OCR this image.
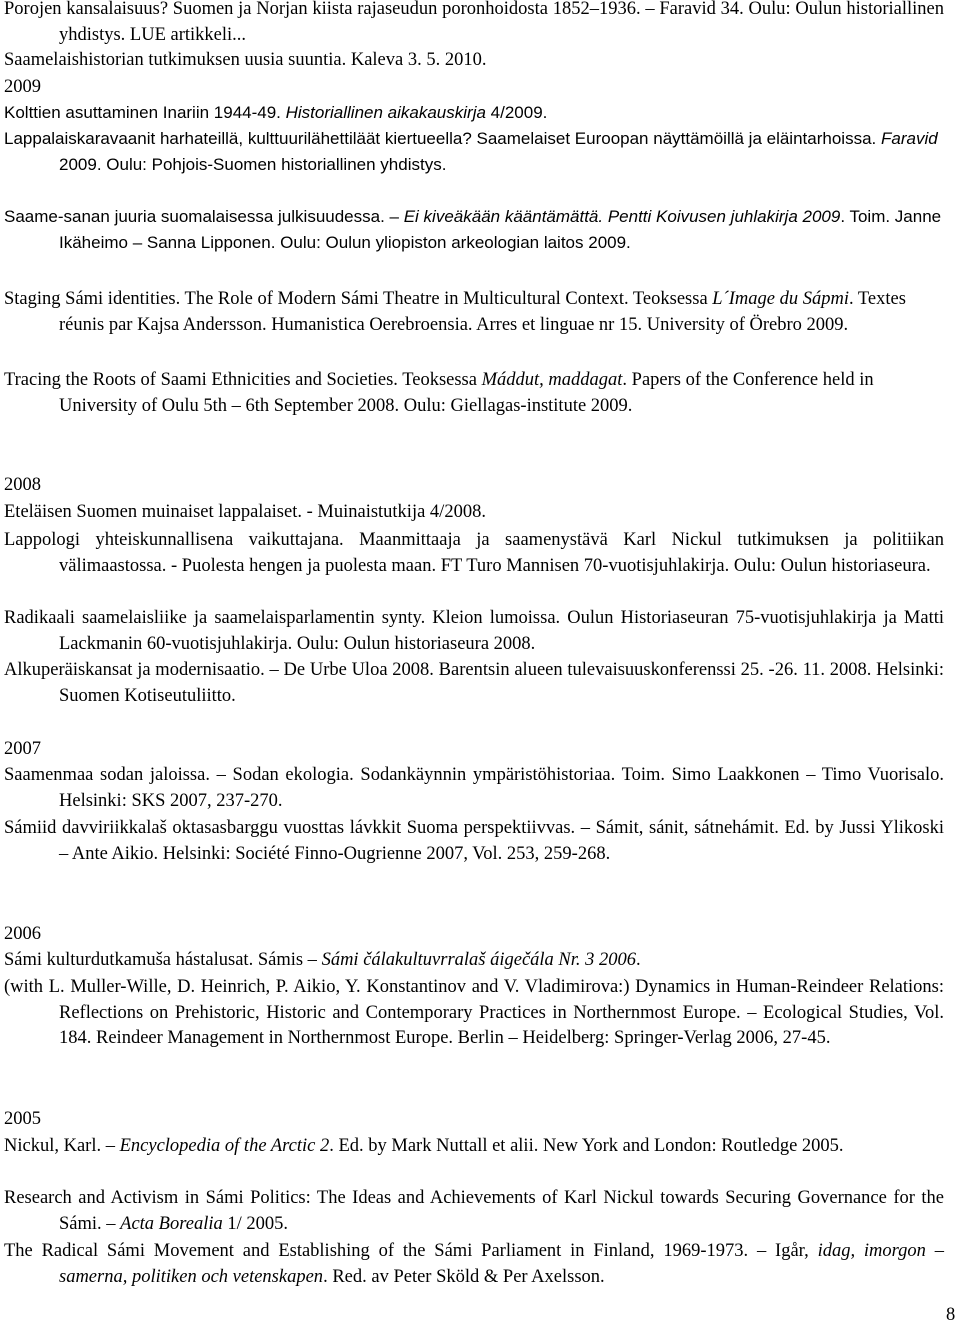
Porojen kansalaisuus? Suomen ja Norjan kiista rajaseudun poronhoidosta 1852–1936. – Faravid 34. Oulu: Oulun historiallinen yhdistys. LUE artikkeli...
Saamelaishistorian tutkimuksen uusia suuntia. Kaleva 3. 5. 2010.
2009
Kolttien asuttaminen Inariin 1944-49. Historiallinen aikakauskirja 4/2009.
Lappalaiskaravaanit harhateillä, kulttuurilähettiläät kiertueella? Saamelaiset Euroopan näyttämöillä ja eläintarhoissa. Faravid 2009. Oulu: Pohjois-Suomen historiallinen yhdistys.
Saame-sanan juuria suomalaisessa julkisuudessa. – Ei kiveäkään kääntämättä. Pentti Koivusen juhlakirja 2009. Toim. Janne Ikäheimo – Sanna Lipponen. Oulu: Oulun yliopiston arkeologian laitos 2009.
Staging Sámi identities. The Role of Modern Sámi Theatre in Multicultural Context. Teoksessa L´Image du Sápmi. Textes réunis par Kajsa Andersson. Humanistica Oerebroensia. Arres et linguae nr 15. University of Örebro 2009.
Tracing the Roots of Saami Ethnicities and Societies. Teoksessa Máddut, maddagat. Papers of the Conference held in University of Oulu 5th – 6th September 2008. Oulu: Giellagas-institute 2009.
2008
Eteläisen Suomen muinaiset lappalaiset. - Muinaistutkija 4/2008.
Lappologi yhteiskunnallisena vaikuttajana. Maanmittaaja ja saamenystävä Karl Nickul tutkimuksen ja politiikan välimaastossa. - Puolesta hengen ja puolesta maan. FT Turo Mannisen 70-vuotisjuhlakirja. Oulu: Oulun historiaseura.
Radikaali saamelaisliike ja saamelaisparlamentin synty. Kleion lumoissa. Oulun Historiaseuran 75-vuotisjuhlakirja ja Matti Lackmanin 60-vuotisjuhlakirja. Oulu: Oulun historiaseura 2008.
Alkuperäiskansat ja modernisaatio. – De Urbe Uloa 2008. Barentsin alueen tulevaisuuskonferenssi 25. -26. 11. 2008. Helsinki: Suomen Kotiseutuliitto.
2007
Saamenmaa sodan jaloissa. – Sodan ekologia. Sodankäynnin ympäristöhistoriaa. Toim. Simo Laakkonen – Timo Vuorisalo. Helsinki: SKS 2007, 237-270.
Sámiid davviriikkalaš oktasasbarggu vuosttas lávkkit Suoma perspektiivvas. – Sámit, sánit, sátnehámit. Ed. by Jussi Ylikoski – Ante Aikio. Helsinki: Société Finno-Ougrienne 2007, Vol. 253, 259-268.
2006
Sámi kulturdutkamuša hástalusat. Sámis – Sámi čálakultuvrralaš áigečála Nr. 3 2006.
(with L. Muller-Wille, D. Heinrich, P. Aikio, Y. Konstantinov and V. Vladimirova:) Dynamics in Human-Reindeer Relations: Reflections on Prehistoric, Historic and Contemporary Practices in Northernmost Europe. – Ecological Studies, Vol. 184. Reindeer Management in Northernmost Europe. Berlin – Heidelberg: Springer-Verlag 2006, 27-45.
2005
Nickul, Karl. – Encyclopedia of the Arctic 2. Ed. by Mark Nuttall et alii. New York and London: Routledge 2005.
Research and Activism in Sámi Politics: The Ideas and Achievements of Karl Nickul towards Securing Governance for the Sámi. – Acta Borealia 1/ 2005.
The Radical Sámi Movement and Establishing of the Sámi Parliament in Finland, 1969-1973. – Igår, idag, imorgon – samerna, politiken och vetenskapen. Red. av Peter Sköld & Per Axelsson.
8
